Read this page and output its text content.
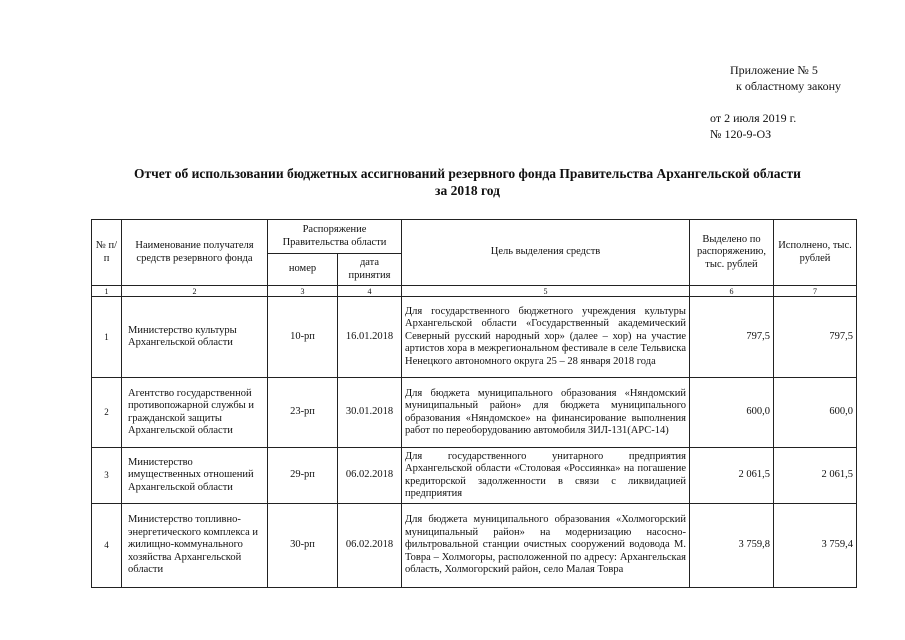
Приложение № 5
к областному закону
от 2 июля 2019 г.
№ 120-9-ОЗ
Отчет об использовании бюджетных ассигнований резервного фонда Правительства Архангельской области
за 2018 год
№ п/п	Наименование получателя средств резервного фонда	Распоряжение Правительства области		Цель выделения средств	Выделено по распоряжению, тыс. рублей	Исполнено, тыс. рублей
		номер	дата принятия			
1	2	3	4	5	6	7
1	Министерство культуры Архангельской области	10-рп	16.01.2018	Для государственного бюджетного учреждения культуры Архангельской области «Государственный академический Северный русский народный хор» (далее – хор) на участие артистов хора в межрегиональном фестивале в селе Тельвиска Ненецкого автономного округа 25 – 28 января 2018 года	797,5	797,5
2	Агентство государственной противопожарной службы и гражданской защиты Архангельской области	23-рп	30.01.2018	Для бюджета муниципального образования «Няндомский муниципальный район» для бюджета муниципального образования «Няндомское» на финансирование выполнения работ по переоборудованию автомобиля ЗИЛ-131(АРС-14)	600,0	600,0
3	Министерство имущественных отношений Архангельской области	29-рп	06.02.2018	Для государственного унитарного предприятия Архангельской области «Столовая «Россиянка» на погашение кредиторской задолженности в связи с ликвидацией предприятия	2 061,5	2 061,5
4	Министерство топливно-энергетического комплекса и жилищно-коммунального хозяйства Архангельской области	30-рп	06.02.2018	Для бюджета муниципального образования «Холмогорский муниципальный район» на модернизацию насосно-фильтровальной станции очистных сооружений водовода М. Товра – Холмогоры, расположенной по адресу: Архангельская область, Холмогорский район, село Малая Товра	3 759,8	3 759,4
